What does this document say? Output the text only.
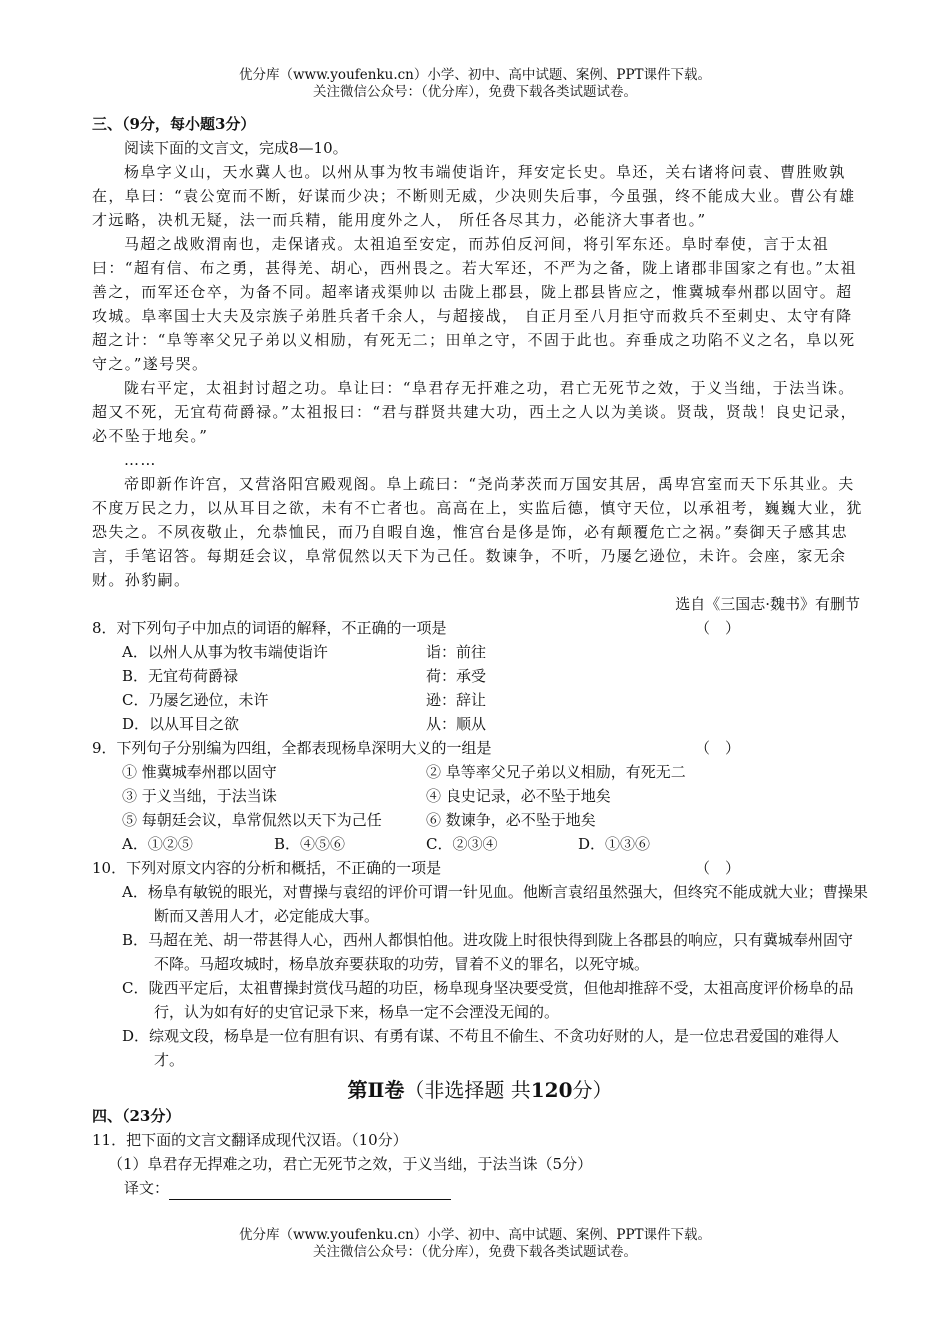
优分库（www.youfenku.cn）小学、初中、高中试题、案例、PPT课件下载。
关注微信公众号：（优分库），免费下载各类试题试卷。
三、（9分，每小题3分）

阅读下面的文言文，完成8—10。

杨阜字义山，天水冀人也。以州从事为牧韦端使诣许，拜安定长史。阜还，关右诸将问袁、曹胜败孰在，阜曰：“袁公宽而不断，好谋而少决；不断则无威，少决则失后事，今虽强，终不能成大业。曹公有雄才远略，决机无疑，法一而兵精，能用度外之人， 所任各尽其力，必能济大事者也。”

马超之战败渭南也，走保诸戎。太祖追至安定，而苏伯反河间，将引军东还。阜时奉使，言于太祖曰：“超有信、布之勇，甚得羌、胡心，西州畏之。若大军还，不严为之备，陇上诸郡非国家之有也。”太祖善之，而军还仓卒，为备不同。超率诸戎渠帅以 击陇上郡县，陇上郡县皆应之，惟冀城奉州郡以固守。超攻城。阜率国士大夫及宗族子弟胜兵者千余人，与超接战， 自正月至八月拒守而救兵不至刺史、太守有降超之计：“阜等率父兄子弟以义相励，有死无二；田单之守，不固于此也。弃垂成之功陷不义之名，阜以死守之。”遂号哭。

陇右平定，太祖封讨超之功。阜让曰：“阜君存无扞难之功，君亡无死节之效，于义当绌，于法当诛。超又不死，无宜苟荷爵禄。”太祖报曰：“君与群贤共建大功，西土之人以为美谈。贤哉，贤哉！良史记录，必不坠于地矣。”

……

帝即新作许宫，又营洛阳宫殿观阁。阜上疏曰：“尧尚茅茨而万国安其居，禹卑宫室而天下乐其业。夫不度万民之力，以从耳目之欲，未有不亡者也。高高在上，实监后德，慎守天位，以承祖考，巍巍大业，犹恐失之。不夙夜敬止，允恭恤民，而乃自暇自逸，惟宫台是侈是饰，必有颠覆危亡之祸。”奏御天子感其忠言，手笔诏答。每期廷会议，阜常侃然以天下为己任。数谏争，不听，乃屡乞逊位，未许。会座，家无余财。孙豹嗣。

选自《三国志·魏书》有删节
8．对下列句子中加点的词语的解释，不正确的一项是	（　）
A．以州人从事为牧韦端使诣许	诣：前往
B．无宜苟荷爵禄	荷：承受
C．乃屡乞逊位，未许	逊：辞让
D．以从耳目之欲	从：顺从
9．下列句子分别编为四组，全都表现杨阜深明大义的一组是	（　）
① 惟冀城奉州郡以固守	② 阜等率父兄子弟以义相励，有死无二
③ 于义当绌，于法当诛	④ 良史记录，必不坠于地矣
⑤ 每朝廷会议，阜常侃然以天下为己任	⑥ 数谏争，必不坠于地矣
A．①②⑤	B．④⑤⑥	C．②③④	D．①③⑥
10．下列对原文内容的分析和概括，不正确的一项是	（　）
A．杨阜有敏锐的眼光，对曹操与袁绍的评价可谓一针见血。他断言袁绍虽然强大，但终究不能成就大业；曹操果断而又善用人才，必定能成大事。
B．马超在羌、胡一带甚得人心，西州人都惧怕他。进攻陇上时很快得到陇上各郡县的响应，只有冀城奉州固守不降。马超攻城时，杨阜放弃要获取的功劳，冒着不义的罪名，以死守城。
C．陇西平定后，太祖曹操封赏伐马超的功臣，杨阜现身坚决要受赏，但他却推辞不受，太祖高度评价杨阜的品行，认为如有好的史官记录下来，杨阜一定不会湮没无闻的。
D．综观文段，杨阜是一位有胆有识、有勇有谋、不苟且不偷生、不贪功好财的人，是一位忠君爱国的难得人才。
第Ⅱ卷（非选择题 共120分）
四、（23分）
11．把下面的文言文翻译成现代汉语。（10分）
（1）阜君存无捍难之功，君亡无死节之效，于义当绌，于法当诛（5分）
译文：
优分库（www.youfenku.cn）小学、初中、高中试题、案例、PPT课件下载。
关注微信公众号：（优分库），免费下载各类试题试卷。
